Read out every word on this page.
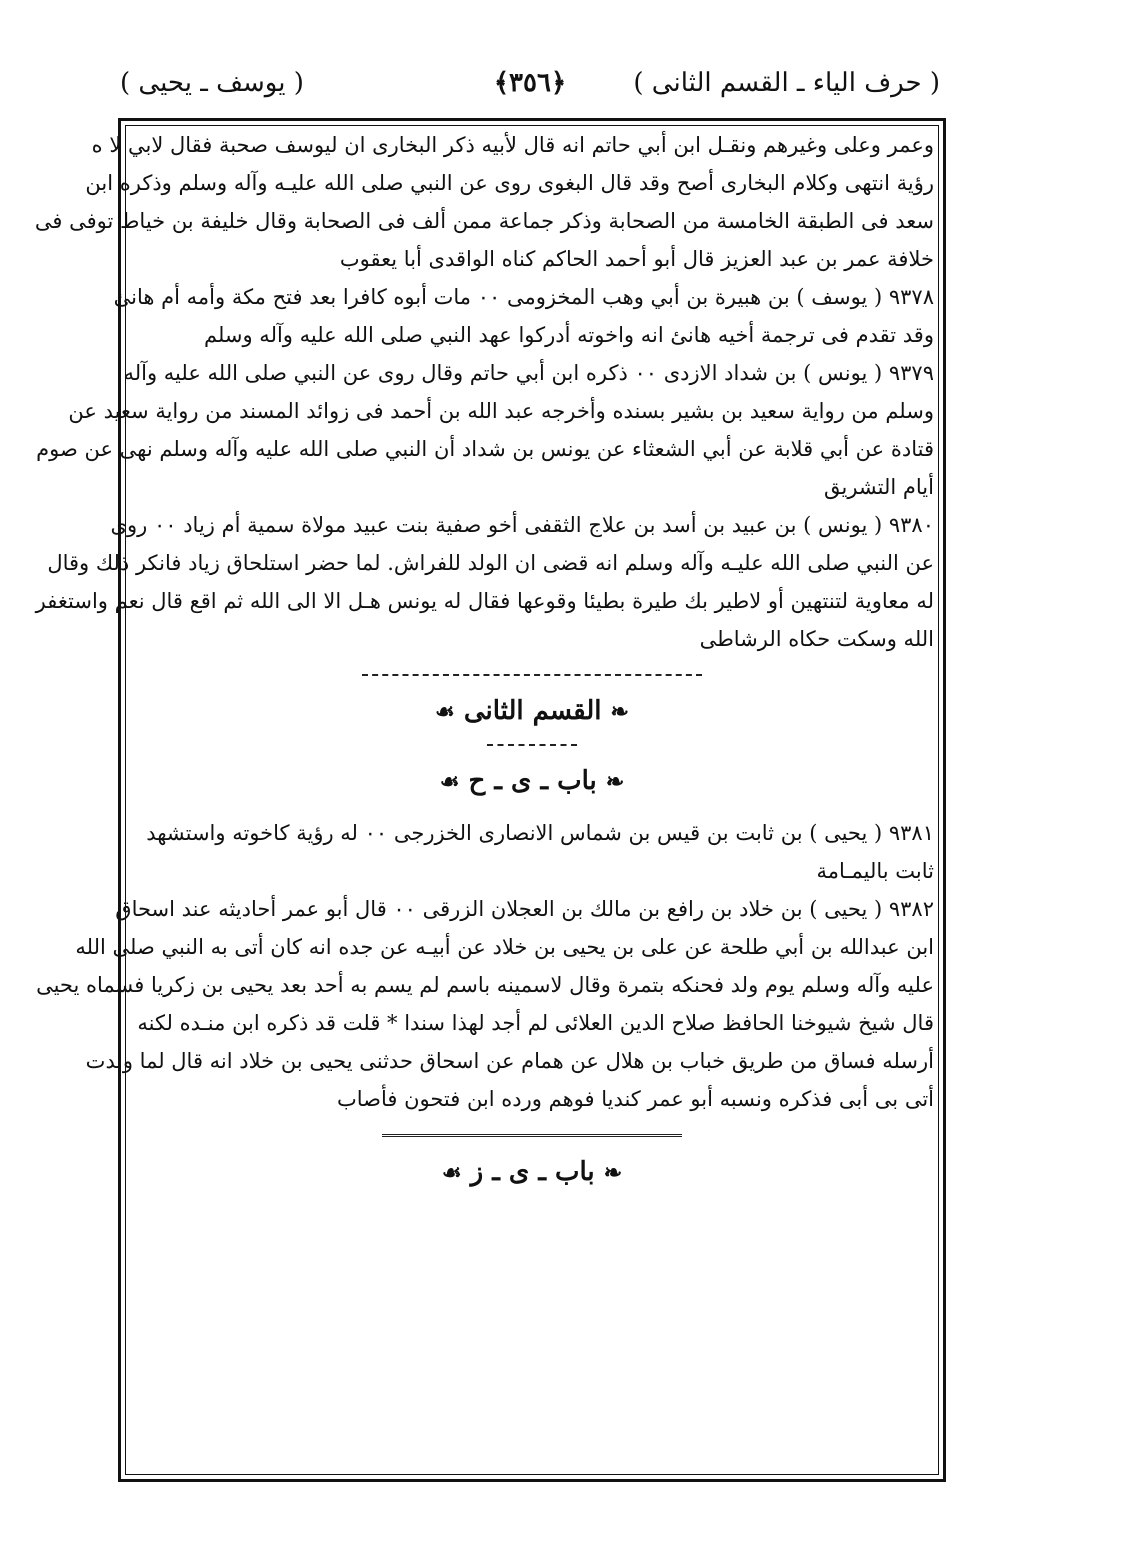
( حرف الياء ـ القسم الثانى )
﴿٣٥٦﴾
( يوسف ـ يحيى )
وعمر وعلى وغيرهم ونقـل ابن أبي حاتم انه قال لأبيه ذكر البخارى ان ليوسف صحبة فقال لابي لا ه
رؤية انتهى وكلام البخارى أصح وقد قال البغوى روى عن النبي صلى الله عليـه وآله وسلم وذكره ابن
سعد فى الطبقة الخامسة من الصحابة وذكر جماعة ممن ألف فى الصحابة وقال خليفة بن خياط توفى فى
خلافة عمر بن عبد العزيز قال أبو أحمد الحاكم كناه الواقدى أبا يعقوب
٩٣٧٨ ( يوسف ) بن هبيرة بن أبي وهب المخزومى ٠٠ مات أبوه كافرا بعد فتح مكة وأمه أم هانئ
وقد تقدم فى ترجمة أخيه هانئ انه واخوته أدركوا عهد النبي صلى الله عليه وآله وسلم
٩٣٧٩ ( يونس ) بن شداد الازدى ٠٠ ذكره ابن أبي حاتم وقال روى عن النبي صلى الله عليه وآله
وسلم من رواية سعيد بن بشير بسنده وأخرجه عبد الله بن أحمد فى زوائد المسند من رواية سعيد عن
قتادة عن أبي قلابة عن أبي الشعثاء عن يونس بن شداد أن النبي صلى الله عليه وآله وسلم نهى عن صوم
أيام التشريق
٩٣٨٠ ( يونس ) بن عبيد بن أسد بن علاج الثقفى أخو صفية بنت عبيد مولاة سمية أم زياد ٠٠ روى
عن النبي صلى الله عليـه وآله وسلم انه قضى ان الولد للفراش. لما حضر استلحاق زياد فانكر ذلك وقال
له معاوية لتنتهين أو لاطير بك طيرة بطيئا وقوعها فقال له يونس هـل الا الى الله ثم اقع قال نعم واستغفر
الله وسكت حكاه الرشاطى
❧ القسم الثانى ☙
❧ باب ـ ى ـ ح ☙
٩٣٨١ ( يحيى ) بن ثابت بن قيس بن شماس الانصارى الخزرجى ٠٠ له رؤية كاخوته واستشهد
ثابت باليمـامة
٩٣٨٢ ( يحيى ) بن خلاد بن رافع بن مالك بن العجلان الزرقى ٠٠ قال أبو عمر أحاديثه عند اسحاق
ابن عبدالله بن أبي طلحة عن على بن يحيى بن خلاد عن أبيـه عن جده انه كان أتى به النبي صلى الله
عليه وآله وسلم يوم ولد فحنكه بتمرة وقال لاسمينه باسم لم يسم به أحد بعد يحيى بن زكريا فسماه يحيى
قال شيخ شيوخنا الحافظ صلاح الدين العلائى لم أجد لهذا سندا * قلت قد ذكره ابن منـده لكنه
أرسله فساق من طريق خباب بن هلال عن همام عن اسحاق حدثنى يحيى بن خلاد انه قال لما ولدت
أتى بى أبى فذكره ونسبه أبو عمر كنديا فوهم ورده ابن فتحون فأصاب
❧ باب ـ ى ـ ز ☙
